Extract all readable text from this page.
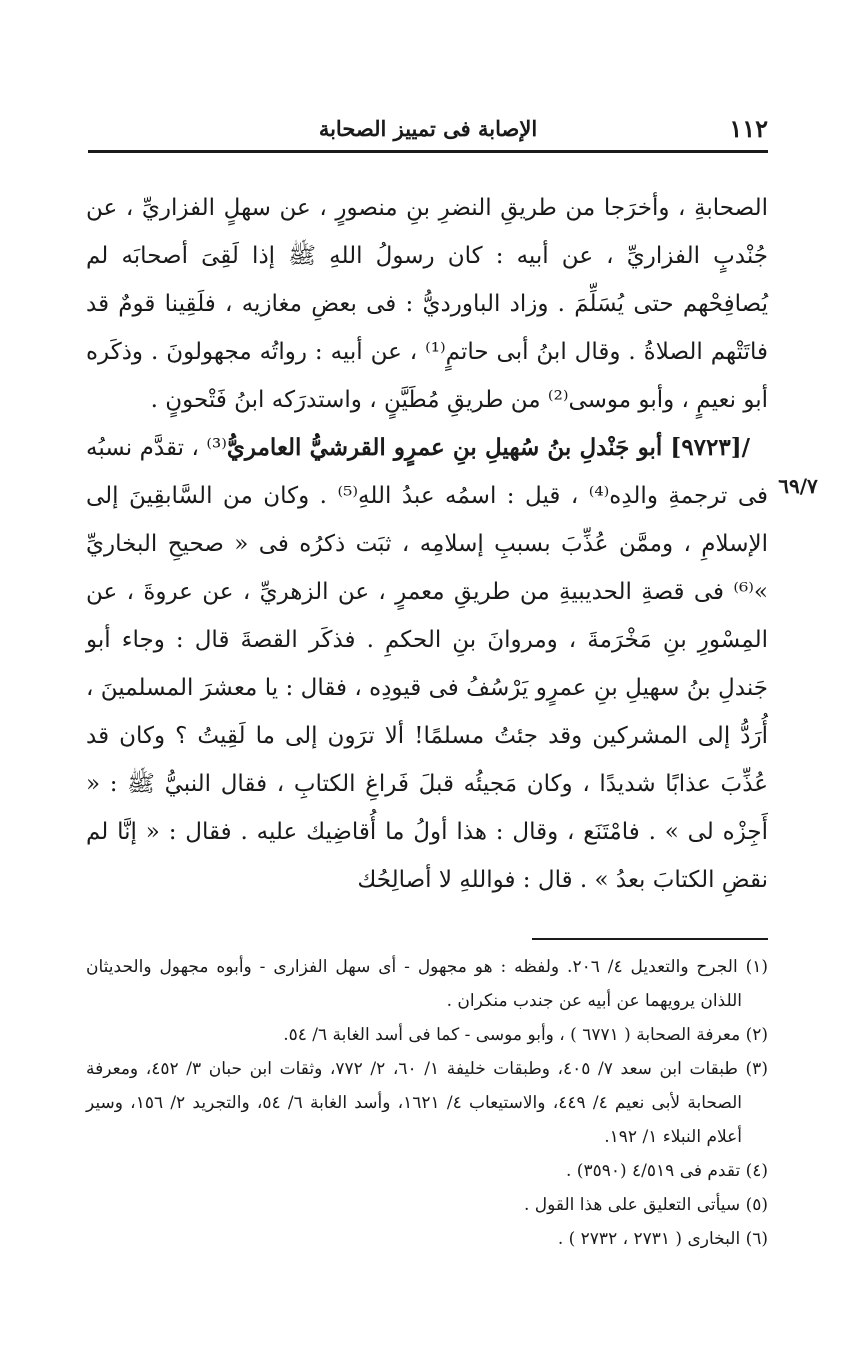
١١٢
الإصابة فى تمييز الصحابة
٦٩/٧

الصحابةِ ، وأخرَجا من طريقِ النضرِ بنِ منصورٍ ، عن سهلٍ الفزاريِّ ، عن جُنْدبٍ الفزاريِّ ، عن أبيه : كان رسولُ اللهِ ﷺ إذا لَقِىَ أصحابَه لم يُصافِحْهم حتى يُسَلِّمَ . وزاد الباورديُّ : فى بعضِ مغازيه ، فلَقِينا قومٌ قد فاتَتْهم الصلاةُ . وقال ابنُ أبى حاتمٍ⁽¹⁾ ، عن أبيه : رواتُه مجهولونَ . وذكَره أبو نعيمٍ ، وأبو موسى⁽²⁾ من طريقِ مُطَيَّنٍ ، واستدرَكه ابنُ فَتْحونٍ .

/[٩٧٢٣] أبو جَنْدلِ بنُ سُهيلِ بنِ عمرٍو القرشيُّ العامريُّ⁽³⁾ ، تقدَّم نسبُه فى ترجمةِ والدِه⁽⁴⁾ ، قيل : اسمُه عبدُ اللهِ⁽⁵⁾ . وكان من السَّابقِينَ إلى الإسلامِ ، وممَّن عُذِّبَ بسببِ إسلامِه ، ثبَت ذكرُه فى « صحيحِ البخاريِّ »⁽⁶⁾ فى قصةِ الحديبيةِ من طريقِ معمرٍ ، عن الزهريِّ ، عن عروةَ ، عن المِسْورِ بنِ مَخْرَمةَ ، ومروانَ بنِ الحكمِ . فذكَر القصةَ قال : وجاء أبو جَندلِ بنُ سهيلِ بنِ عمرٍو يَرْسُفُ فى قيودِه ، فقال : يا معشرَ المسلمينَ ، أُرَدُّ إلى المشركين وقد جئتُ مسلمًا! ألا ترَون إلى ما لَقِيتُ ؟ وكان قد عُذِّبَ عذابًا شديدًا ، وكان مَجيئُه قبلَ فَراغِ الكتابِ ، فقال النبيُّ ﷺ : « أَجِزْه لى » . فامْتَنَع ، وقال : هذا أولُ ما أُقاضِيك عليه . فقال : « إنَّا لم نقضِ الكتابَ بعدُ » . قال : فواللهِ لا أصالِحُك

(١) الجرح والتعديل ٤/ ٢٠٦. ولفظه : هو مجهول - أى سهل الفزارى - وأبوه مجهول والحديثان اللذان يرويهما عن أبيه عن جندب منكران .

(٢) معرفة الصحابة ( ٦٧٧١ ) ، وأبو موسى - كما فى أسد الغابة ٦/ ٥٤.

(٣) طبقات ابن سعد ٧/ ٤٠٥، وطبقات خليفة ١/ ٦٠، ٢/ ٧٧٢، وثقات ابن حبان ٣/ ٤٥٢، ومعرفة الصحابة لأبى نعيم ٤/ ٤٤٩، والاستيعاب ٤/ ١٦٢١، وأسد الغابة ٦/ ٥٤، والتجريد ٢/ ١٥٦، وسير أعلام النبلاء ١/ ١٩٢.

(٤) تقدم فى ٤/٥١٩ (٣٥٩٠) .

(٥) سيأتى التعليق على هذا القول .

(٦) البخارى ( ٢٧٣١ ، ٢٧٣٢ ) .
